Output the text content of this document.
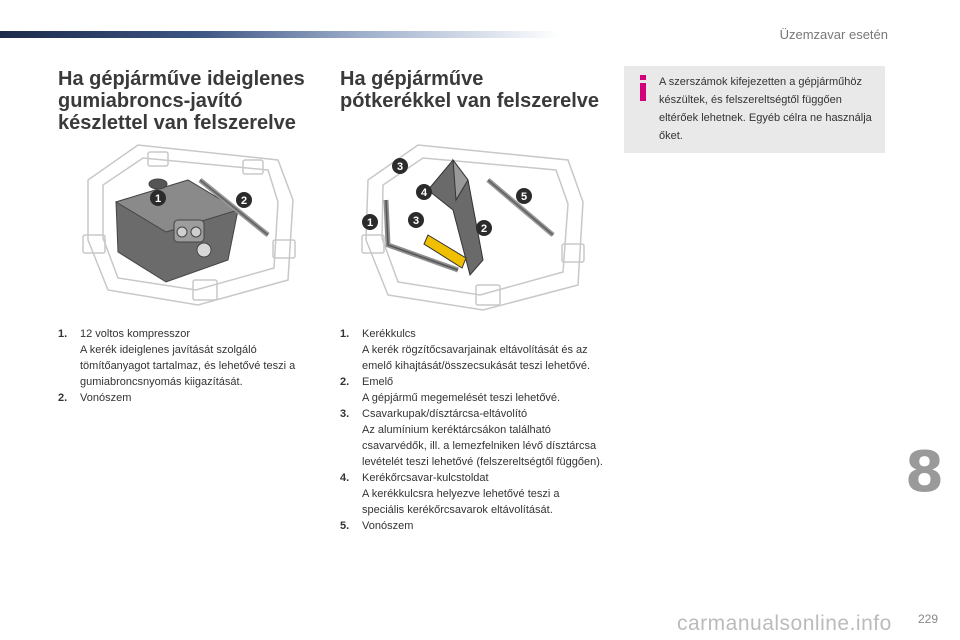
Üzemzavar esetén
Ha gépjárműve ideiglenes gumiabroncs-javító készlettel van felszerelve
Ha gépjárműve pótkerékkel van felszerelve
A szerszámok kifejezetten a gépjárműhöz készültek, és felszereltségtől függően eltérőek lehetnek. Egyéb célra ne használja őket.
1	2
1	2
3
3
4	5
1. 12 voltos kompresszor
A kerék ideiglenes javítását szolgáló tömítőanyagot tartalmaz, és lehetővé teszi a gumiabroncsnyomás kiigazítását.
2. Vonószem
1. Kerékkulcs
A kerék rögzítőcsavarjainak eltávolítását és az emelő kihajtását/összecsukását teszi lehetővé.
2. Emelő
A gépjármű megemelését teszi lehetővé.
3. Csavarkupak/dísztárcsa-eltávolító
Az alumínium keréktárcsákon található csavarvédők, ill. a lemezfelniken lévő dísztárcsa levételét teszi lehetővé (felszereltségtől függően).
4. Kerékőrcsavar-kulcstoldat
A kerékkulcsra helyezve lehetővé teszi a speciális kerékőrcsavarok eltávolítását.
5. Vonószem
8
carmanualsonline.info 229
